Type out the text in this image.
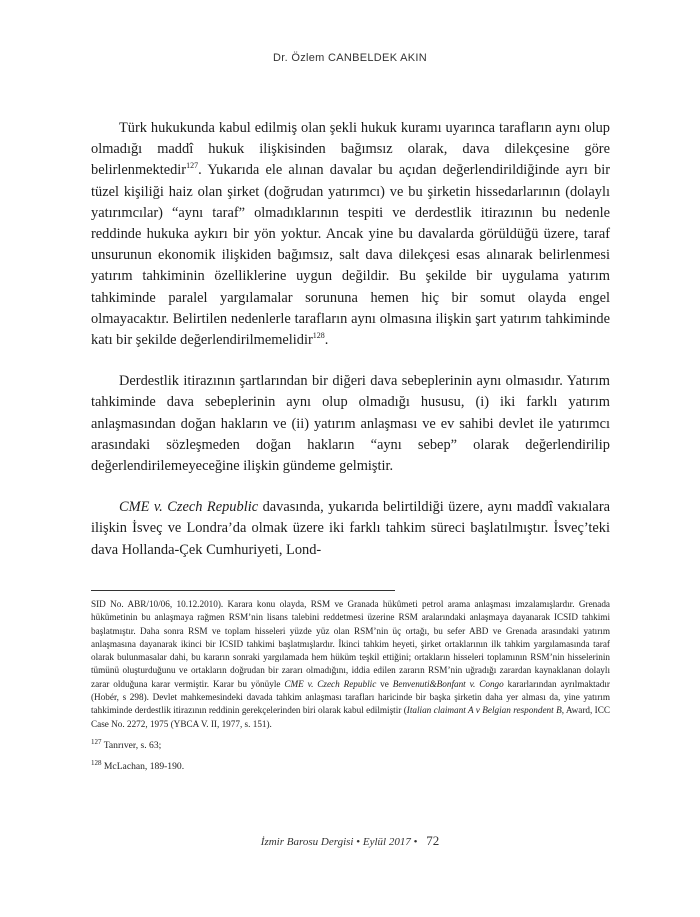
Dr. Özlem CANBELDEK AKIN

Türk hukukunda kabul edilmiş olan şekli hukuk kuramı uyarınca tarafların aynı olup olmadığı maddî hukuk ilişkisinden bağımsız olarak, dava dilekçesine göre belirlenmektedir$^{127}$. Yukarıda ele alınan davalar bu açıdan değerlendirildiğinde ayrı bir tüzel kişiliği haiz olan şirket (doğrudan yatırımcı) ve bu şirketin hissedarlarının (dolaylı yatırımcılar) “aynı taraf” olmadıklarının tespiti ve derdestlik itirazının bu nedenle reddinde hukuka aykırı bir yön yoktur. Ancak yine bu davalarda görüldüğü üzere, taraf unsurunun ekonomik ilişkiden bağımsız, salt dava dilekçesi esas alınarak belirlenmesi yatırım tahkiminin özelliklerine uygun değildir. Bu şekilde bir uygulama yatırım tahkiminde paralel yargılamalar sorununa hemen hiç bir somut olayda engel olmayacaktır. Belirtilen nedenlerle tarafların aynı olmasına ilişkin şart yatırım tahkiminde katı bir şekilde değerlendirilmemelidir$^{128}$.

Derdestlik itirazının şartlarından bir diğeri dava sebeplerinin aynı olmasıdır. Yatırım tahkiminde dava sebeplerinin aynı olup olmadığı hususu, (i) iki farklı yatırım anlaşmasından doğan hakların ve (ii) yatırım anlaşması ve ev sahibi devlet ile yatırımcı arasındaki sözleşmeden doğan hakların “aynı sebep” olarak değerlendirilip değerlendirilemeyeceğine ilişkin gündeme gelmiştir.

CME v. Czech Republic davasında, yukarıda belirtildiği üzere, aynı maddî vakıalara ilişkin İsveç ve Londra’da olmak üzere iki farklı tahkim süreci başlatılmıştır. İsveç’teki dava Hollanda-Çek Cumhuriyeti, Lond-

SID No. ABR/10/06, 10.12.2010). Karara konu olayda, RSM ve Granada hükûmeti petrol arama anlaşması imzalamışlardır. Grenada hükümetinin bu anlaşmaya rağmen RSM’nin lisans talebini reddetmesi üzerine RSM aralarındaki anlaşmaya dayanarak ICSID tahkimi başlatmıştır. Daha sonra RSM ve toplam hisseleri yüzde yüz olan RSM’nin üç ortağı, bu sefer ABD ve Grenada arasındaki yatırım anlaşmasına dayanarak ikinci bir ICSID tahkimi başlatmışlardır. İkinci tahkim heyeti, şirket ortaklarının ilk tahkim yargılamasında taraf olarak bulunmasalar dahi, bu kararın sonraki yargılamada hem hüküm teşkil ettiğini; ortakların hisseleri toplamının RSM’nin hisselerinin tümünü oluşturduğunu ve ortakların doğrudan bir zararı olmadığını, iddia edilen zararın RSM’nin uğradığı zarardan kaynaklanan dolaylı zarar olduğuna karar vermiştir. Karar bu yönüyle CME v. Czech Republic ve Benvenuti&Bonfant v. Congo kararlarından ayrılmaktadır (Hobér, s 298). Devlet mahkemesindeki davada tahkim anlaşması tarafları haricinde bir başka şirketin daha yer alması da, yine yatırım tahkiminde derdestlik itirazının reddinin gerekçelerinden biri olarak kabul edilmiştir (Italian claimant A v Belgian respondent B, Award, ICC Case No. 2272, 1975 (YBCA V. II, 1977, s. 151).

$^{127}$ Tanrıver, s. 63;

$^{128}$ McLachan, 189-190.

İzmir Barosu Dergisi • Eylül 2017 • 72
